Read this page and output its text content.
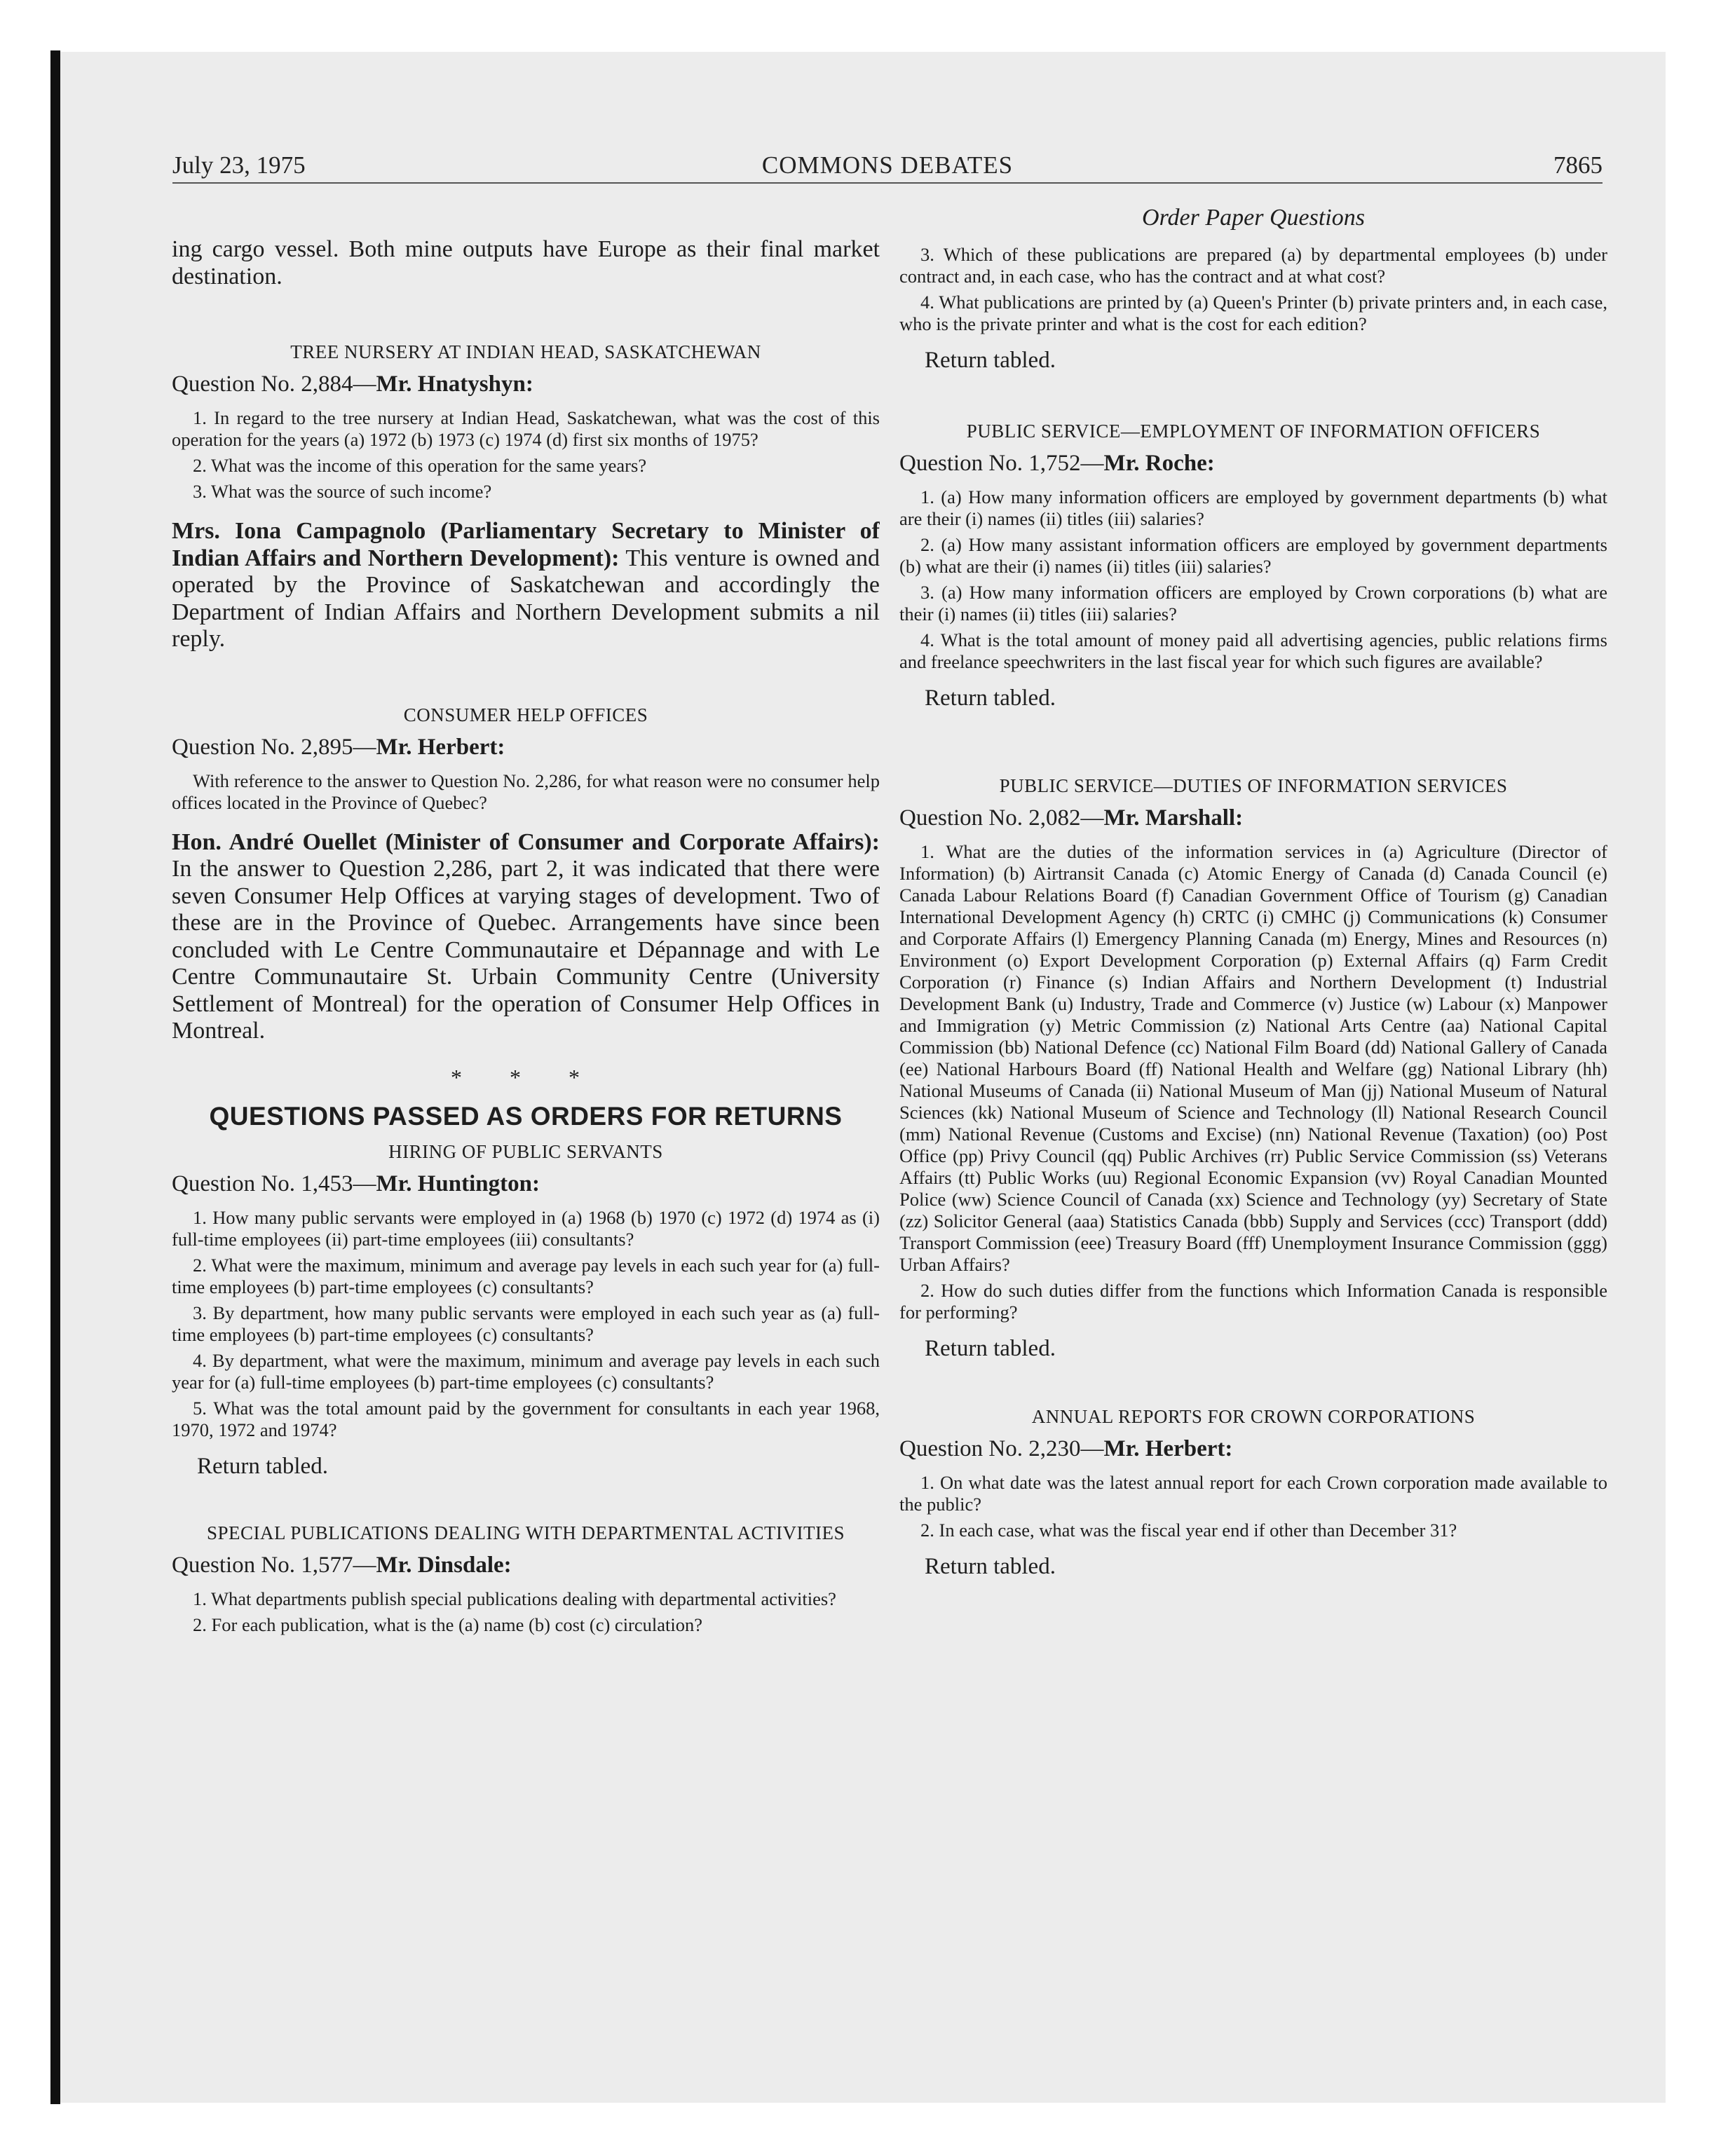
COMMONS DEBATES
July 23, 1975	7865

ing cargo vessel. Both mine outputs have Europe as their final market destination.

TREE NURSERY AT INDIAN HEAD, SASKATCHEWAN
Question No. 2,884—Mr. Hnatyshyn:

1. In regard to the tree nursery at Indian Head, Saskatchewan, what was the cost of this operation for the years (a) 1972 (b) 1973 (c) 1974 (d) first six months of 1975?

2. What was the income of this operation for the same years?

3. What was the source of such income?

Mrs. Iona Campagnolo (Parliamentary Secretary to Minister of Indian Affairs and Northern Development): This venture is owned and operated by the Province of Saskatchewan and accordingly the Department of Indian Affairs and Northern Development submits a nil reply.

CONSUMER HELP OFFICES
Question No. 2,895—Mr. Herbert:

With reference to the answer to Question No. 2,286, for what reason were no consumer help offices located in the Province of Quebec?

Hon. André Ouellet (Minister of Consumer and Corporate Affairs): In the answer to Question 2,286, part 2, it was indicated that there were seven Consumer Help Offices at varying stages of development. Two of these are in the Province of Quebec. Arrangements have since been concluded with Le Centre Communautaire et Dépannage and with Le Centre Communautaire St. Urbain Community Centre (University Settlement of Montreal) for the operation of Consumer Help Offices in Montreal.

* * *
QUESTIONS PASSED AS ORDERS FOR RETURNS
HIRING OF PUBLIC SERVANTS
Question No. 1,453—Mr. Huntington:

1. How many public servants were employed in (a) 1968 (b) 1970 (c) 1972 (d) 1974 as (i) full-time employees (ii) part-time employees (iii) consultants?

2. What were the maximum, minimum and average pay levels in each such year for (a) full-time employees (b) part-time employees (c) consultants?

3. By department, how many public servants were employed in each such year as (a) full-time employees (b) part-time employees (c) consultants?

4. By department, what were the maximum, minimum and average pay levels in each such year for (a) full-time employees (b) part-time employees (c) consultants?

5. What was the total amount paid by the government for consultants in each year 1968, 1970, 1972 and 1974?

Return tabled.
SPECIAL PUBLICATIONS DEALING WITH DEPARTMENTAL ACTIVITIES
Question No. 1,577—Mr. Dinsdale:

1. What departments publish special publications dealing with departmental activities?

2. For each publication, what is the (a) name (b) cost (c) circulation?

Order Paper Questions

3. Which of these publications are prepared (a) by departmental employees (b) under contract and, in each case, who has the contract and at what cost?

4. What publications are printed by (a) Queen's Printer (b) private printers and, in each case, who is the private printer and what is the cost for each edition?

Return tabled.
PUBLIC SERVICE—EMPLOYMENT OF INFORMATION OFFICERS
Question No. 1,752—Mr. Roche:

1. (a) How many information officers are employed by government departments (b) what are their (i) names (ii) titles (iii) salaries?

2. (a) How many assistant information officers are employed by government departments (b) what are their (i) names (ii) titles (iii) salaries?

3. (a) How many information officers are employed by Crown corporations (b) what are their (i) names (ii) titles (iii) salaries?

4. What is the total amount of money paid all advertising agencies, public relations firms and freelance speechwriters in the last fiscal year for which such figures are available?

Return tabled.
PUBLIC SERVICE—DUTIES OF INFORMATION SERVICES
Question No. 2,082—Mr. Marshall:

1. What are the duties of the information services in (a) Agriculture (Director of Information) (b) Airtransit Canada (c) Atomic Energy of Canada (d) Canada Council (e) Canada Labour Relations Board (f) Canadian Government Office of Tourism (g) Canadian International Development Agency (h) CRTC (i) CMHC (j) Communications (k) Consumer and Corporate Affairs (l) Emergency Planning Canada (m) Energy, Mines and Resources (n) Environment (o) Export Development Corporation (p) External Affairs (q) Farm Credit Corporation (r) Finance (s) Indian Affairs and Northern Development (t) Industrial Development Bank (u) Industry, Trade and Commerce (v) Justice (w) Labour (x) Manpower and Immigration (y) Metric Commission (z) National Arts Centre (aa) National Capital Commission (bb) National Defence (cc) National Film Board (dd) National Gallery of Canada (ee) National Harbours Board (ff) National Health and Welfare (gg) National Library (hh) National Museums of Canada (ii) National Museum of Man (jj) National Museum of Natural Sciences (kk) National Museum of Science and Technology (ll) National Research Council (mm) National Revenue (Customs and Excise) (nn) National Revenue (Taxation) (oo) Post Office (pp) Privy Council (qq) Public Archives (rr) Public Service Commission (ss) Veterans Affairs (tt) Public Works (uu) Regional Economic Expansion (vv) Royal Canadian Mounted Police (ww) Science Council of Canada (xx) Science and Technology (yy) Secretary of State (zz) Solicitor General (aaa) Statistics Canada (bbb) Supply and Services (ccc) Transport (ddd) Transport Commission (eee) Treasury Board (fff) Unemployment Insurance Commission (ggg) Urban Affairs?

2. How do such duties differ from the functions which Information Canada is responsible for performing?

Return tabled.
ANNUAL REPORTS FOR CROWN CORPORATIONS
Question No. 2,230—Mr. Herbert:

1. On what date was the latest annual report for each Crown corporation made available to the public?

2. In each case, what was the fiscal year end if other than December 31?

Return tabled.
